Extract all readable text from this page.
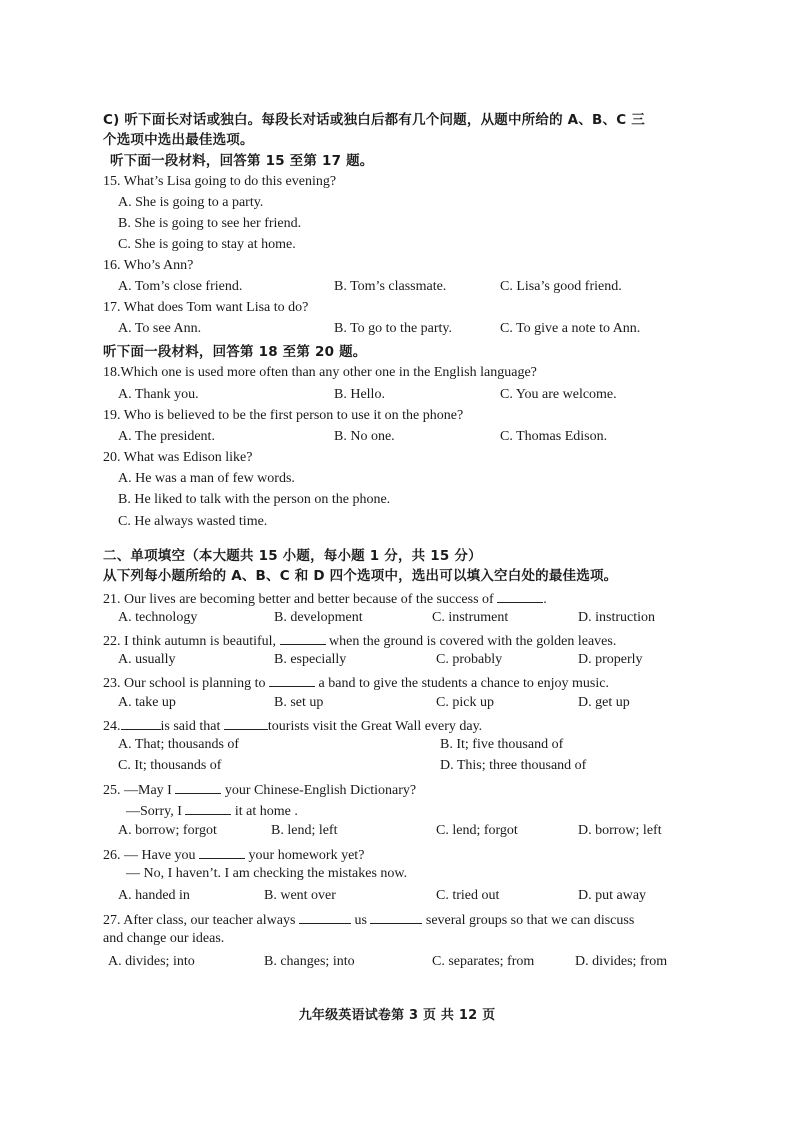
C) 听下面长对话或独白。每段长对话或独白后都有几个问题，从题中所给的 A、B、C 三
个选项中选出最佳选项。
听下面一段材料，回答第 15 至第 17 题。
15. What’s Lisa going to do this evening?
A. She is going to a party.
B. She is going to see her friend.
C. She is going to stay at home.
16. Who’s Ann?
A. Tom’s close friend.	B. Tom’s classmate.	C. Lisa’s good friend.
17. What does Tom want Lisa to do?
A. To see Ann.	B. To go to the party.	C. To give a note to Ann.
听下面一段材料，回答第 18 至第 20 题。
18.Which one is used more often than any other one in the English language?
A. Thank you.	B. Hello.	C. You are welcome.
19. Who is believed to be the first person to use it on the phone?
A. The president.	B. No one.	C. Thomas Edison.
20. What was Edison like?
A. He was a man of few words.
B. He liked to talk with the person on the phone.
C. He always wasted time.
二、单项填空（本大题共 15 小题，每小题 1 分，共 15 分）
从下列每小题所给的 A、B、C 和 D 四个选项中，选出可以填入空白处的最佳选项。
21. Our lives are becoming better and better because of the success of	.
A. technology	B. development	C. instrument	D. instruction
22. I think autumn is beautiful,	when the ground is covered with the golden leaves.
A. usually	B. especially	C. probably	D. properly
23. Our school is planning to	a band to give the students a chance to enjoy music.
A. take up	B. set up	C. pick up	D. get up
24.	is said that	tourists visit the Great Wall every day.
A. That; thousands of	B. It; five thousand of
C. It; thousands of	D. This; three thousand of
25. —May I	your Chinese-English Dictionary?
—Sorry, I	it at home .
A. borrow; forgot	B. lend; left	C. lend; forgot	D. borrow; left
26. — Have you	your homework yet?
— No, I haven’t. I am checking the mistakes now.
A. handed in	B. went over	C. tried out	D. put away
27. After class, our teacher always	us	several groups so that we can discuss
and change our ideas.
A. divides; into	B. changes; into	C. separates; from	D. divides; from
九年级英语试卷第 3 页 共 12 页
